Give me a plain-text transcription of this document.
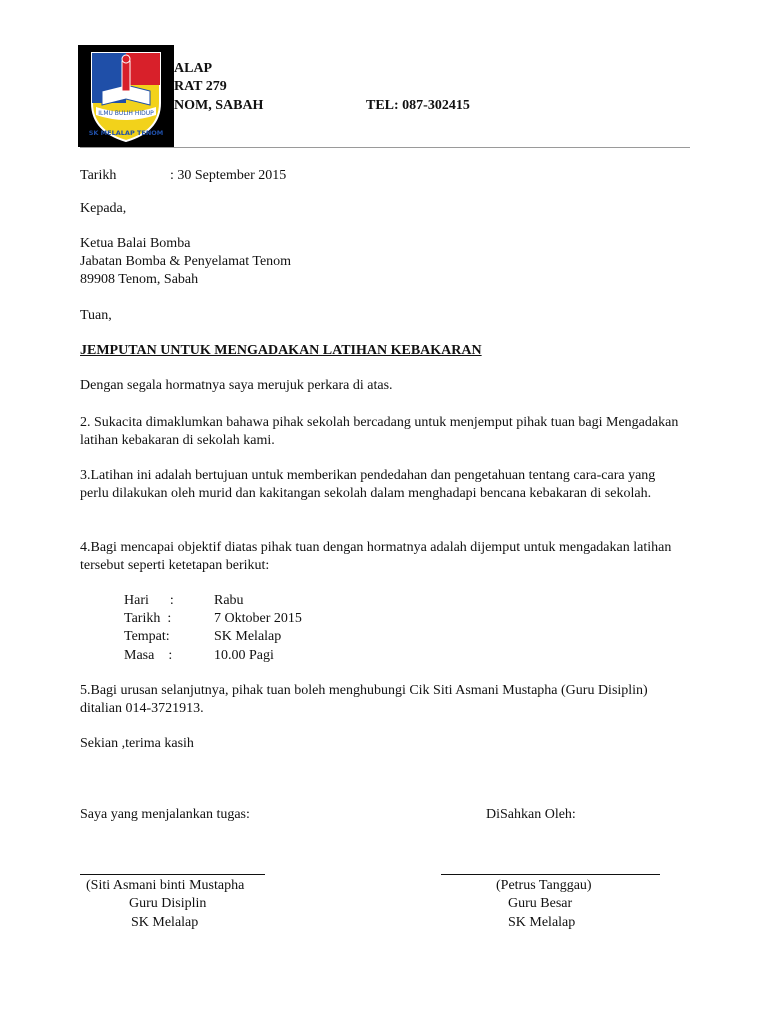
ILMU BULIH HIDUP
SK MELALAP TENOM
ALAP
RAT 279
NOM, SABAH	TEL: 087-302415
Tarikh	: 30 September 2015
Kepada,
Ketua Balai Bomba
Jabatan Bomba & Penyelamat Tenom
89908 Tenom, Sabah
Tuan,
JEMPUTAN UNTUK MENGADAKAN LATIHAN KEBAKARAN
Dengan segala hormatnya saya merujuk perkara di atas.
2. Sukacita dimaklumkan bahawa pihak sekolah bercadang untuk menjemput pihak tuan bagi Mengadakan latihan kebakaran di sekolah kami.
3.Latihan ini adalah bertujuan untuk memberikan pendedahan dan pengetahuan tentang cara-cara yang perlu dilakukan oleh murid dan kakitangan sekolah dalam menghadapi bencana kebakaran di sekolah.
4.Bagi mencapai objektif diatas pihak tuan dengan hormatnya adalah dijemput untuk mengadakan latihan tersebut seperti ketetapan berikut:
Hari      :	Rabu
Tarikh  :	7 Oktober 2015
Tempat:	SK Melalap
Masa    :	10.00 Pagi
5.Bagi urusan selanjutnya, pihak tuan boleh menghubungi Cik Siti Asmani Mustapha (Guru Disiplin) ditalian 014-3721913.
Sekian ,terima kasih
Saya yang menjalankan tugas:	DiSahkan Oleh:
(Siti Asmani binti Mustapha
Guru Disiplin
SK Melalap
(Petrus Tanggau)
Guru Besar
SK Melalap
